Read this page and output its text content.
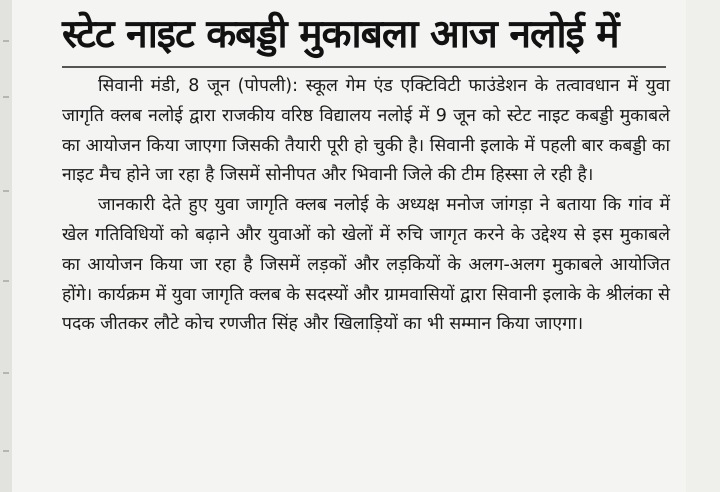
स्टेट नाइट कबड्डी मुकाबला आज नलोई में

सिवानी मंडी, 8 जून (पोपली): स्कूल गेम एंड एक्टिविटी फाउंडेशन के तत्वावधान में युवा जागृति क्लब नलोई द्वारा राजकीय वरिष्ठ विद्यालय नलोई में 9 जून को स्टेट नाइट कबड्डी मुकाबले का आयोजन किया जाएगा जिसकी तैयारी पूरी हो चुकी है। सिवानी इलाके में पहली बार कबड्डी का नाइट मैच होने जा रहा है जिसमें सोनीपत और भिवानी जिले की टीम हिस्सा ले रही है।

जानकारी देते हुए युवा जागृति क्लब नलोई के अध्यक्ष मनोज जांगड़ा ने बताया कि गांव में खेल गतिविधियों को बढ़ाने और युवाओं को खेलों में रुचि जागृत करने के उद्देश्य से इस मुकाबले का आयोजन किया जा रहा है जिसमें लड़कों और लड़कियों के अलग-अलग मुकाबले आयोजित होंगे। कार्यक्रम में युवा जागृति क्लब के सदस्यों और ग्रामवासियों द्वारा सिवानी इलाके के श्रीलंका से पदक जीतकर लौटे कोच रणजीत सिंह और खिलाड़ियों का भी सम्मान किया जाएगा।
